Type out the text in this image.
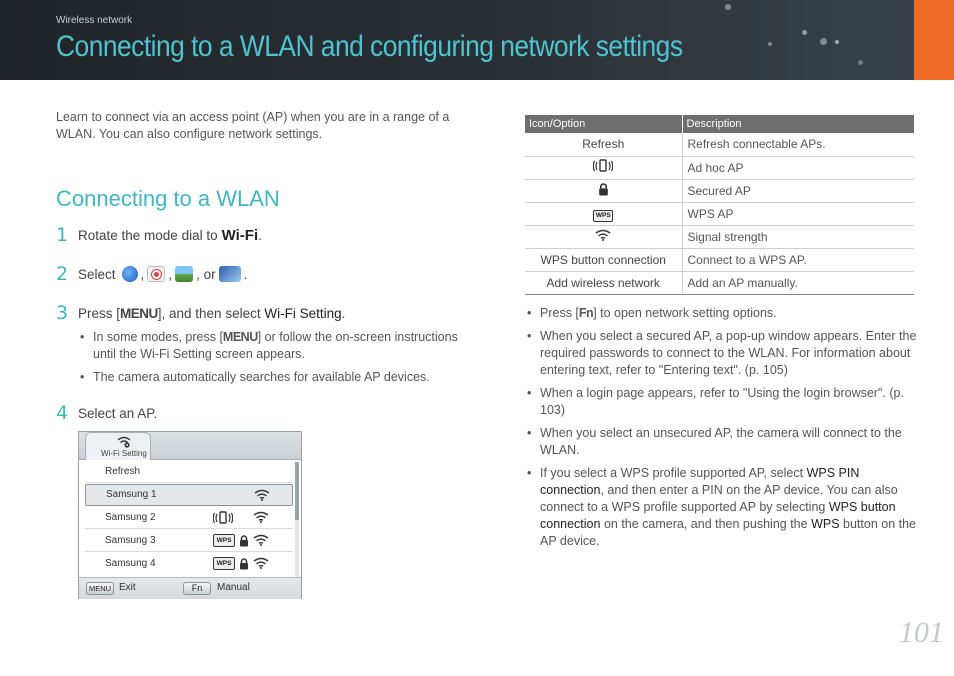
Wireless network
Connecting to a WLAN and configuring network settings
Learn to connect via an access point (AP) when you are in a range of a WLAN. You can also configure network settings.
Connecting to a WLAN
1 Rotate the mode dial to Wi-Fi .
2 Select , , , or .
3 Press [ MENU ], and then select
Wi-Fi Setting .
• In some modes, press [MENU] or follow the on-screen instructions until the Wi-Fi Setting screen appears.
• The camera automatically searches for available AP devices.
4 Select an AP.
Wi-Fi Setting
Refresh
Samsung 1
Samsung 2
Samsung 3	WPS
Samsung 4	WPS
MENU Exit	Fn	Manual
Icon/Option	Description
Refresh	Refresh connectable APs.
	Ad hoc AP
	Secured AP
WPS	WPS AP
	Signal strength
WPS button connection	Connect to a WPS AP.
Add wireless network	Add an AP manually.
• Press [Fn] to open network setting options.
• When you select a secured AP, a pop-up window appears. Enter the required passwords to connect to the WLAN. For information about entering text, refer to "Entering text". (p. 105)
• When a login page appears, refer to "Using the login browser". (p. 103)
• When you select an unsecured AP, the camera will connect to the WLAN.
• If you select a WPS profile supported AP, select WPS PIN connection, and then enter a PIN on the AP device. You can also connect to a WPS profile supported AP by selecting WPS button connection on the camera, and then pushing the WPS button on the AP device.
101
